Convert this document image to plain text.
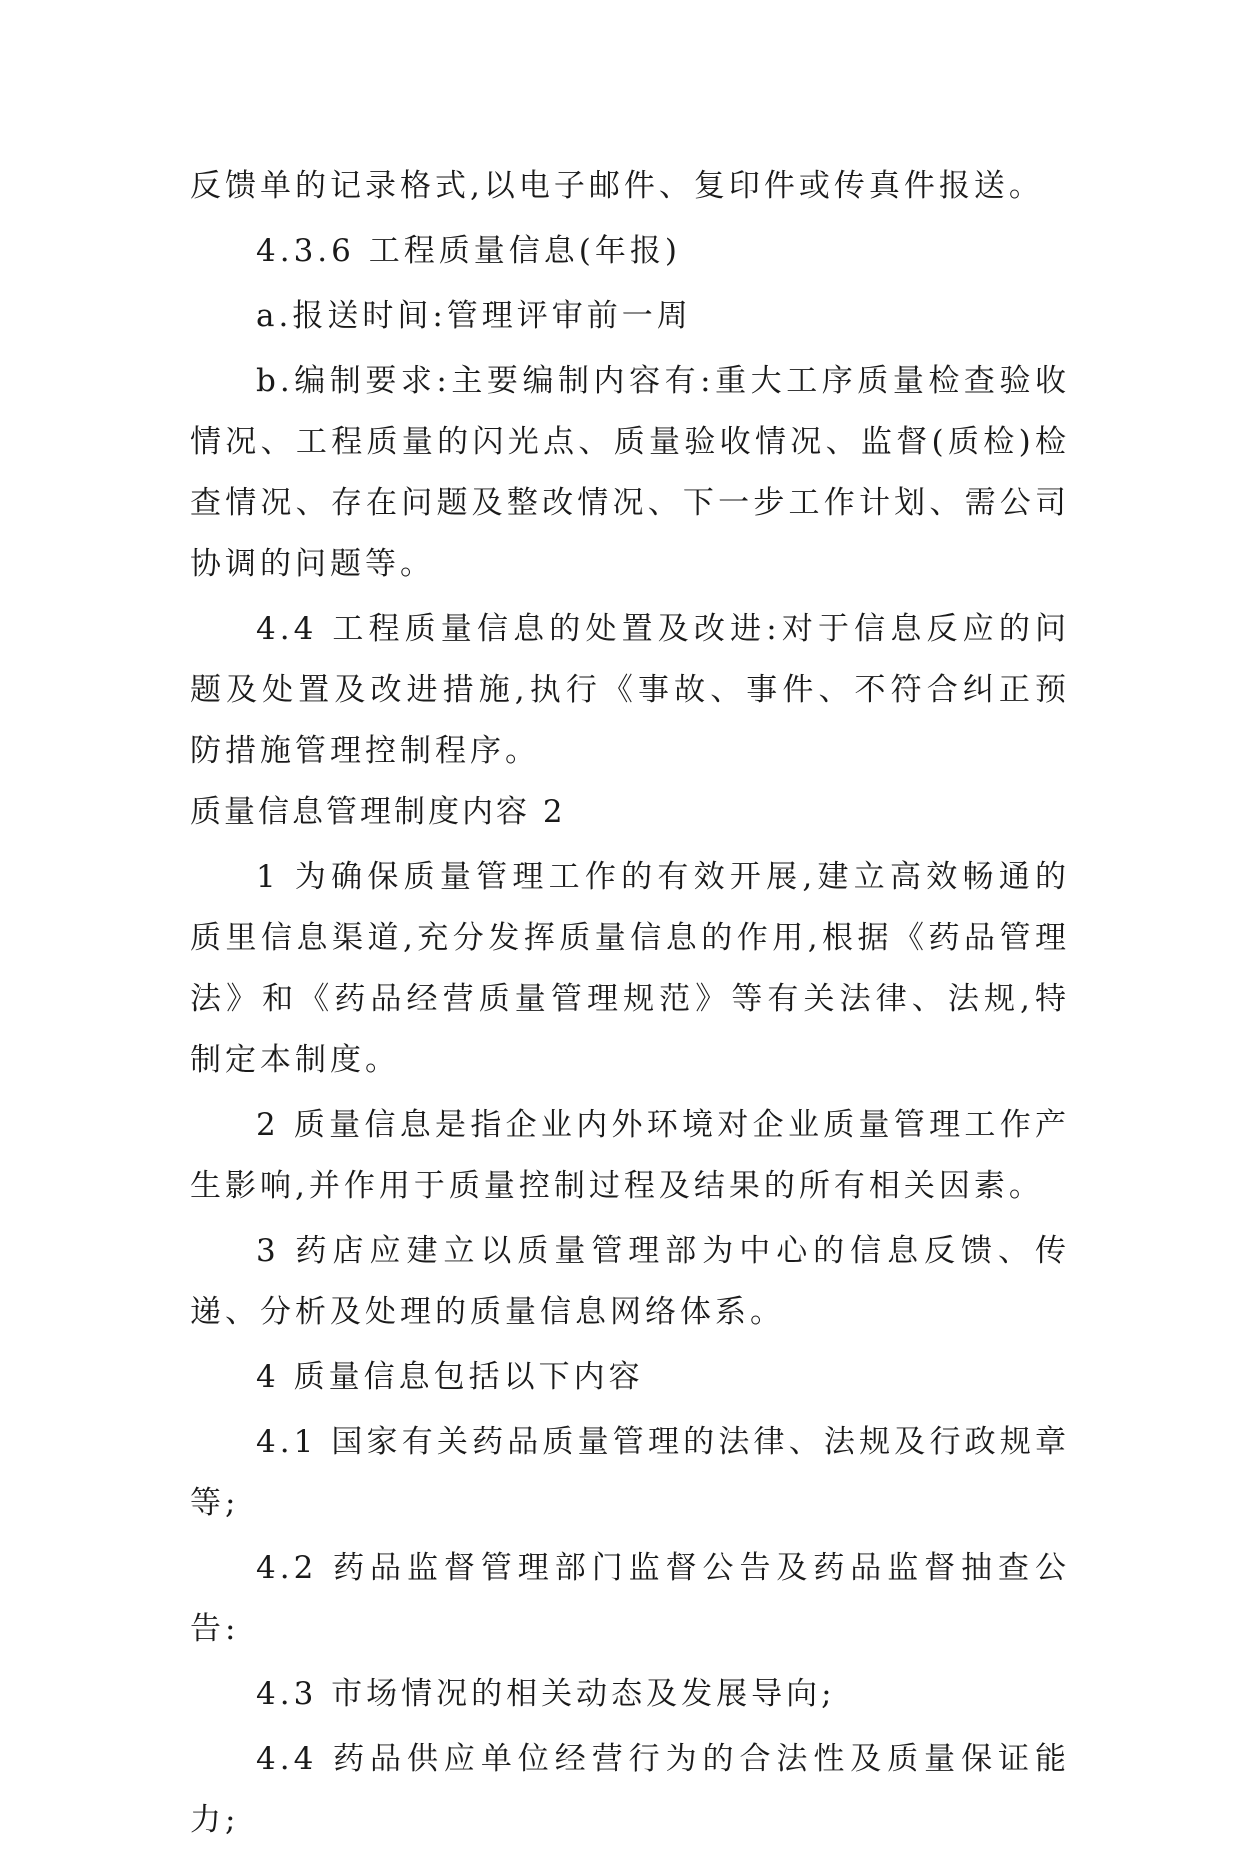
反馈单的记录格式,以电子邮件、复印件或传真件报送。

4.3.6 工程质量信息(年报)

a.报送时间:管理评审前一周

b.编制要求:主要编制内容有:重大工序质量检查验收情况、工程质量的闪光点、质量验收情况、监督(质检)检查情况、存在问题及整改情况、下一步工作计划、需公司协调的问题等。

4.4 工程质量信息的处置及改进:对于信息反应的问题及处置及改进措施,执行《事故、事件、不符合纠正预防措施管理控制程序。

质量信息管理制度内容 2

1 为确保质量管理工作的有效开展,建立高效畅通的质里信息渠道,充分发挥质量信息的作用,根据《药品管理法》和《药品经营质量管理规范》等有关法律、法规,特制定本制度。

2 质量信息是指企业内外环境对企业质量管理工作产生影响,并作用于质量控制过程及结果的所有相关因素。

3 药店应建立以质量管理部为中心的信息反馈、传递、分析及处理的质量信息网络体系。

4 质量信息包括以下内容

4.1 国家有关药品质量管理的法律、法规及行政规章等;

4.2 药品监督管理部门监督公告及药品监督抽查公告:

4.3 市场情况的相关动态及发展导向;

4.4 药品供应单位经营行为的合法性及质量保证能力;
